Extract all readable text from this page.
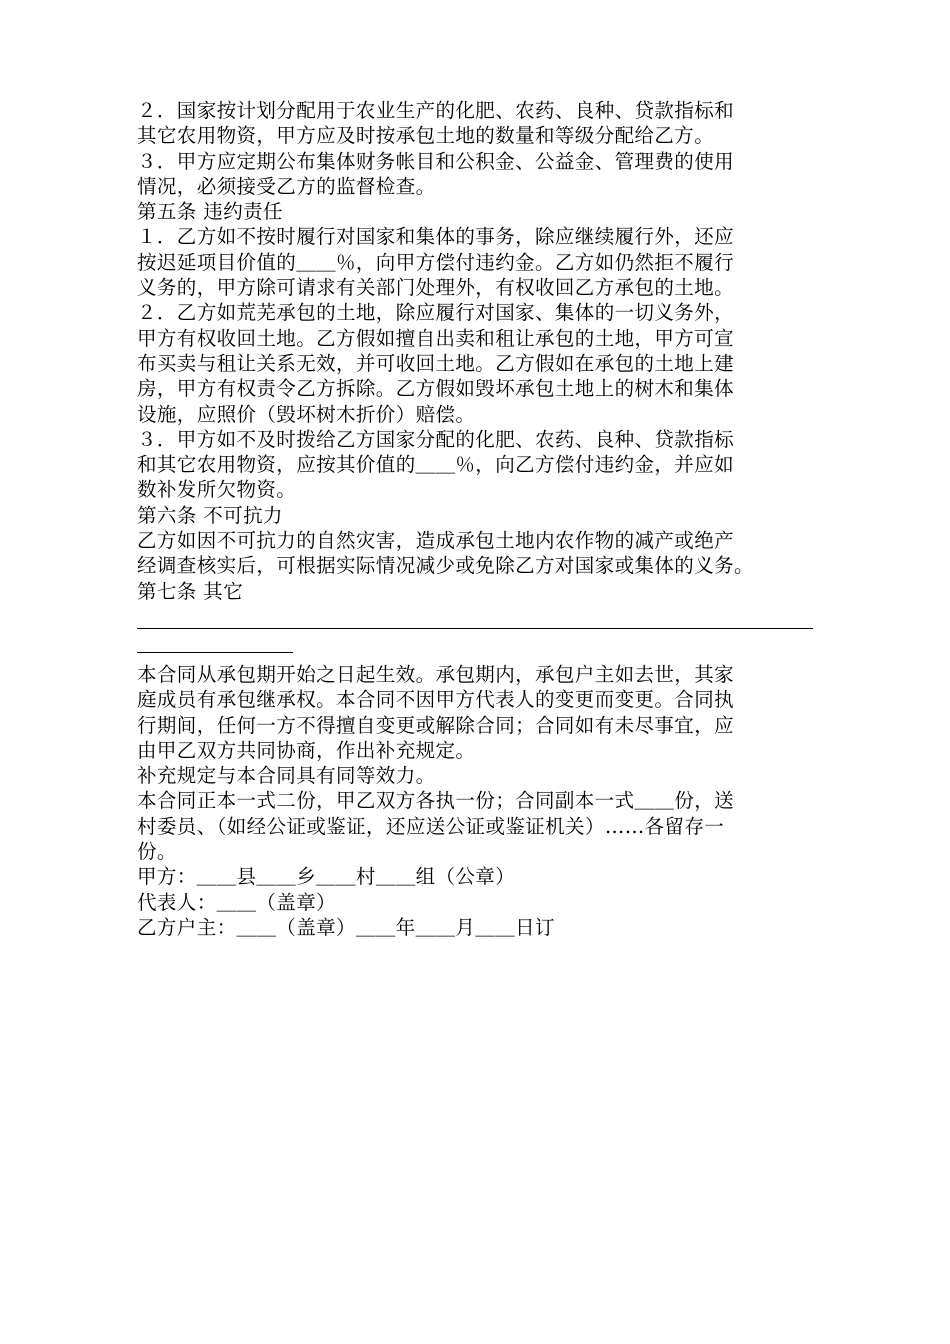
２．国家按计划分配用于农业生产的化肥、农药、良种、贷款指标和
其它农用物资，甲方应及时按承包土地的数量和等级分配给乙方。
３．甲方应定期公布集体财务帐目和公积金、公益金、管理费的使用
情况，必须接受乙方的监督检查。
第五条 违约责任
１．乙方如不按时履行对国家和集体的事务，除应继续履行外，还应
按迟延项目价值的＿＿％，向甲方偿付违约金。乙方如仍然拒不履行
义务的，甲方除可请求有关部门处理外，有权收回乙方承包的土地。
２．乙方如荒芜承包的土地，除应履行对国家、集体的一切义务外，
甲方有权收回土地。乙方假如擅自出卖和租让承包的土地，甲方可宣
布买卖与租让关系无效，并可收回土地。乙方假如在承包的土地上建
房，甲方有权责令乙方拆除。乙方假如毁坏承包土地上的树木和集体
设施，应照价（毁坏树木折价）赔偿。
３．甲方如不及时拨给乙方国家分配的化肥、农药、良种、贷款指标
和其它农用物资，应按其价值的＿＿％，向乙方偿付违约金，并应如
数补发所欠物资。
第六条 不可抗力
乙方如因不可抗力的自然灾害，造成承包土地内农作物的减产或绝产
经调查核实后，可根据实际情况减少或免除乙方对国家或集体的义务。
第七条 其它
本合同从承包期开始之日起生效。承包期内，承包户主如去世，其家
庭成员有承包继承权。本合同不因甲方代表人的变更而变更。合同执
行期间，任何一方不得擅自变更或解除合同；合同如有未尽事宜，应
由甲乙双方共同协商，作出补充规定。
补充规定与本合同具有同等效力。
本合同正本一式二份，甲乙双方各执一份；合同副本一式＿＿份，送
村委员、（如经公证或鉴证，还应送公证或鉴证机关）……各留存一
份。
甲方：＿＿县＿＿乡＿＿村＿＿组（公章）
代表人：＿＿（盖章）
乙方户主：＿＿（盖章）＿＿年＿＿月＿＿日订
